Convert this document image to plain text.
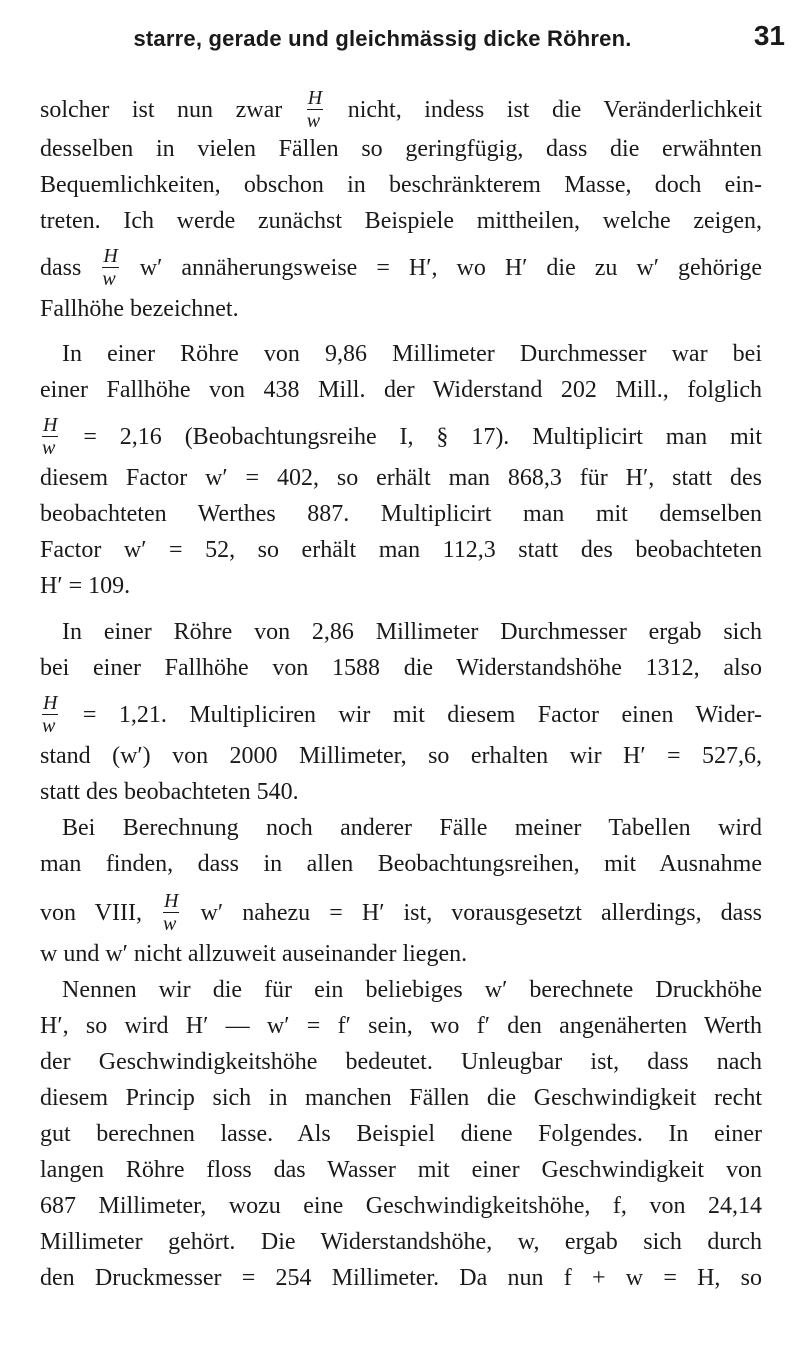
starre, gerade und gleichmässig dicke Röhren.	31
solcher ist nun zwar $\frac{H}{w}$ nicht, indess ist die Veränderlichkeit
desselben in vielen Fällen so geringfügig, dass die erwähnten
Bequemlichkeiten, obschon in beschränkterem Masse, doch ein-
treten. Ich werde zunächst Beispiele mittheilen, welche zeigen,
dass $\frac{H}{w} w'$ annäherungsweise = H′, wo H′ die zu w′ gehörige
Fallhöhe bezeichnet.
In einer Röhre von 9,86 Millimeter Durchmesser war bei
einer Fallhöhe von 438 Mill. der Widerstand 202 Mill., folglich
$\frac{H}{w} = 2,16$ (Beobachtungsreihe I, § 17). Multiplicirt man mit
diesem Factor w′ = 402, so erhält man 868,3 für H′, statt des
beobachteten Werthes 887. Multiplicirt man mit demselben
Factor w′ = 52, so erhält man 112,3 statt des beobachteten
H′ = 109.
In einer Röhre von 2,86 Millimeter Durchmesser ergab sich
bei einer Fallhöhe von 1588 die Widerstandshöhe 1312, also
$\frac{H}{w} = 1,21$. Multipliciren wir mit diesem Factor einen Wider-
stand (w′) von 2000 Millimeter, so erhalten wir H′ = 527,6,
statt des beobachteten 540.
Bei Berechnung noch anderer Fälle meiner Tabellen wird
man finden, dass in allen Beobachtungsreihen, mit Ausnahme
von VIII, $\frac{H}{w} w'$ nahezu = H′ ist, vorausgesetzt allerdings, dass
w und w′ nicht allzuweit auseinander liegen.
Nennen wir die für ein beliebiges w′ berechnete Druckhöhe
H′, so wird H′ — w′ = f′ sein, wo f′ den angenäherten Werth
der Geschwindigkeitshöhe bedeutet. Unleugbar ist, dass nach
diesem Princip sich in manchen Fällen die Geschwindigkeit recht
gut berechnen lasse. Als Beispiel diene Folgendes. In einer
langen Röhre floss das Wasser mit einer Geschwindigkeit von
687 Millimeter, wozu eine Geschwindigkeitshöhe, f, von 24,14
Millimeter gehört. Die Widerstandshöhe, w, ergab sich durch
den Druckmesser = 254 Millimeter. Da nun f + w = H, so
